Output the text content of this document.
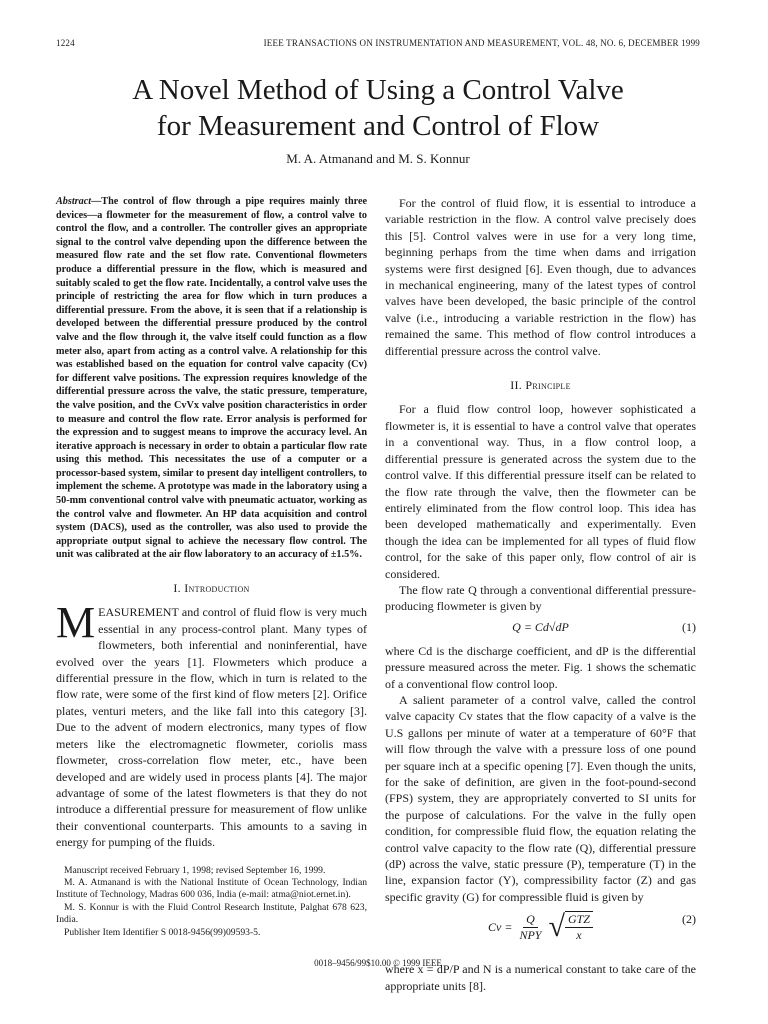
1224	IEEE TRANSACTIONS ON INSTRUMENTATION AND MEASUREMENT, VOL. 48, NO. 6, DECEMBER 1999
A Novel Method of Using a Control Valve
for Measurement and Control of Flow
M. A. Atmanand and M. S. Konnur
Abstract—The control of flow through a pipe requires mainly three devices—a flowmeter for the measurement of flow, a control valve to control the flow, and a controller. The controller gives an appropriate signal to the control valve depending upon the difference between the measured flow rate and the set flow rate. Conventional flowmeters produce a differential pressure in the flow, which is measured and suitably scaled to get the flow rate. Incidentally, a control valve uses the principle of restricting the area for flow which in turn produces a differential pressure. From the above, it is seen that if a relationship is developed between the differential pressure produced by the control valve and the flow through it, the valve itself could function as a flow meter also, apart from acting as a control valve. A relationship for this was established based on the equation for control valve capacity (Cv) for different valve positions. The expression requires knowledge of the differential pressure across the valve, the static pressure, temperature, the valve position, and the CvVx valve position characteristics in order to measure and control the flow rate. Error analysis is performed for the expression and to suggest means to improve the accuracy level. An iterative approach is necessary in order to obtain a particular flow rate using this method. This necessitates the use of a computer or a processor-based system, similar to present day intelligent controllers, to implement the scheme. A prototype was made in the laboratory using a 50-mm conventional control valve with pneumatic actuator, working as the control valve and flowmeter. An HP data acquisition and control system (DACS), used as the controller, was also used to provide the appropriate output signal to achieve the necessary flow control. The unit was calibrated at the air flow laboratory to an accuracy of ±1.5%.
I. Introduction

MEASUREMENT and control of fluid flow is very much essential in any process-control plant. Many types of flowmeters, both inferential and noninferential, have evolved over the years [1]. Flowmeters which produce a differential pressure in the flow, which in turn is related to the flow rate, were some of the first kind of flow meters [2]. Orifice plates, venturi meters, and the like fall into this category [3]. Due to the advent of modern electronics, many types of flow meters like the electromagnetic flowmeter, coriolis mass flowmeter, cross-correlation flow meter, etc., have been developed and are widely used in process plants [4]. The major advantage of some of the latest flowmeters is that they do not introduce a differential pressure for measurement of flow unlike their conventional counterparts. This amounts to a saving in energy for pumping of the fluids.

Manuscript received February 1, 1998; revised September 16, 1999.
M. A. Atmanand is with the National Institute of Ocean Technology, Indian Institute of Technology, Madras 600 036, India (e-mail: atma@niot.ernet.in).
M. S. Konnur is with the Fluid Control Research Institute, Palghat 678 623, India.
Publisher Item Identifier S 0018-9456(99)09593-5.

For the control of fluid flow, it is essential to introduce a variable restriction in the flow. A control valve precisely does this [5]. Control valves were in use for a very long time, beginning perhaps from the time when dams and irrigation systems were first designed [6]. Even though, due to advances in mechanical engineering, many of the latest types of control valves have been developed, the basic principle of the control valve (i.e., introducing a variable restriction in the flow) has remained the same. This method of flow control introduces a differential pressure across the control valve.

II. Principle

For a fluid flow control loop, however sophisticated a flowmeter is, it is essential to have a control valve that operates in a conventional way. Thus, in a flow control loop, a differential pressure is generated across the system due to the control valve. If this differential pressure itself can be related to the flow rate through the valve, then the flowmeter can be entirely eliminated from the flow control loop. This idea has been developed mathematically and experimentally. Even though the idea can be implemented for all types of fluid flow control, for the sake of this paper only, flow control of air is considered.

The flow rate Q through a conventional differential pressure-producing flowmeter is given by

Q = Cd√dP	(1)

where Cd is the discharge coefficient, and dP is the differential pressure measured across the meter. Fig. 1 shows the schematic of a conventional flow control loop.

A salient parameter of a control valve, called the control valve capacity Cv states that the flow capacity of a valve is the U.S gallons per minute of water at a temperature of 60°F that will flow through the valve with a pressure loss of one pound per square inch at a specific opening [7]. Even though the units, for the sake of definition, are given in the foot-pound-second (FPS) system, they are appropriately converted to SI units for the purpose of calculations. For the valve in the fully open condition, for compressible fluid flow, the equation relating the control valve capacity to the flow rate (Q), differential pressure (dP) across the valve, static pressure (P), temperature (T) in the line, expansion factor (Y), compressibility factor (Z) and gas specific gravity (G) for compressible fluid is given by

$Cv = \frac{Q}{\text{NPY}}$ √ $\frac{\text{GTZ}}{x}$	(2)

where x = dP/P and N is a numerical constant to take care of the appropriate units [8].

0018–9456/99$10.00 © 1999 IEEE
